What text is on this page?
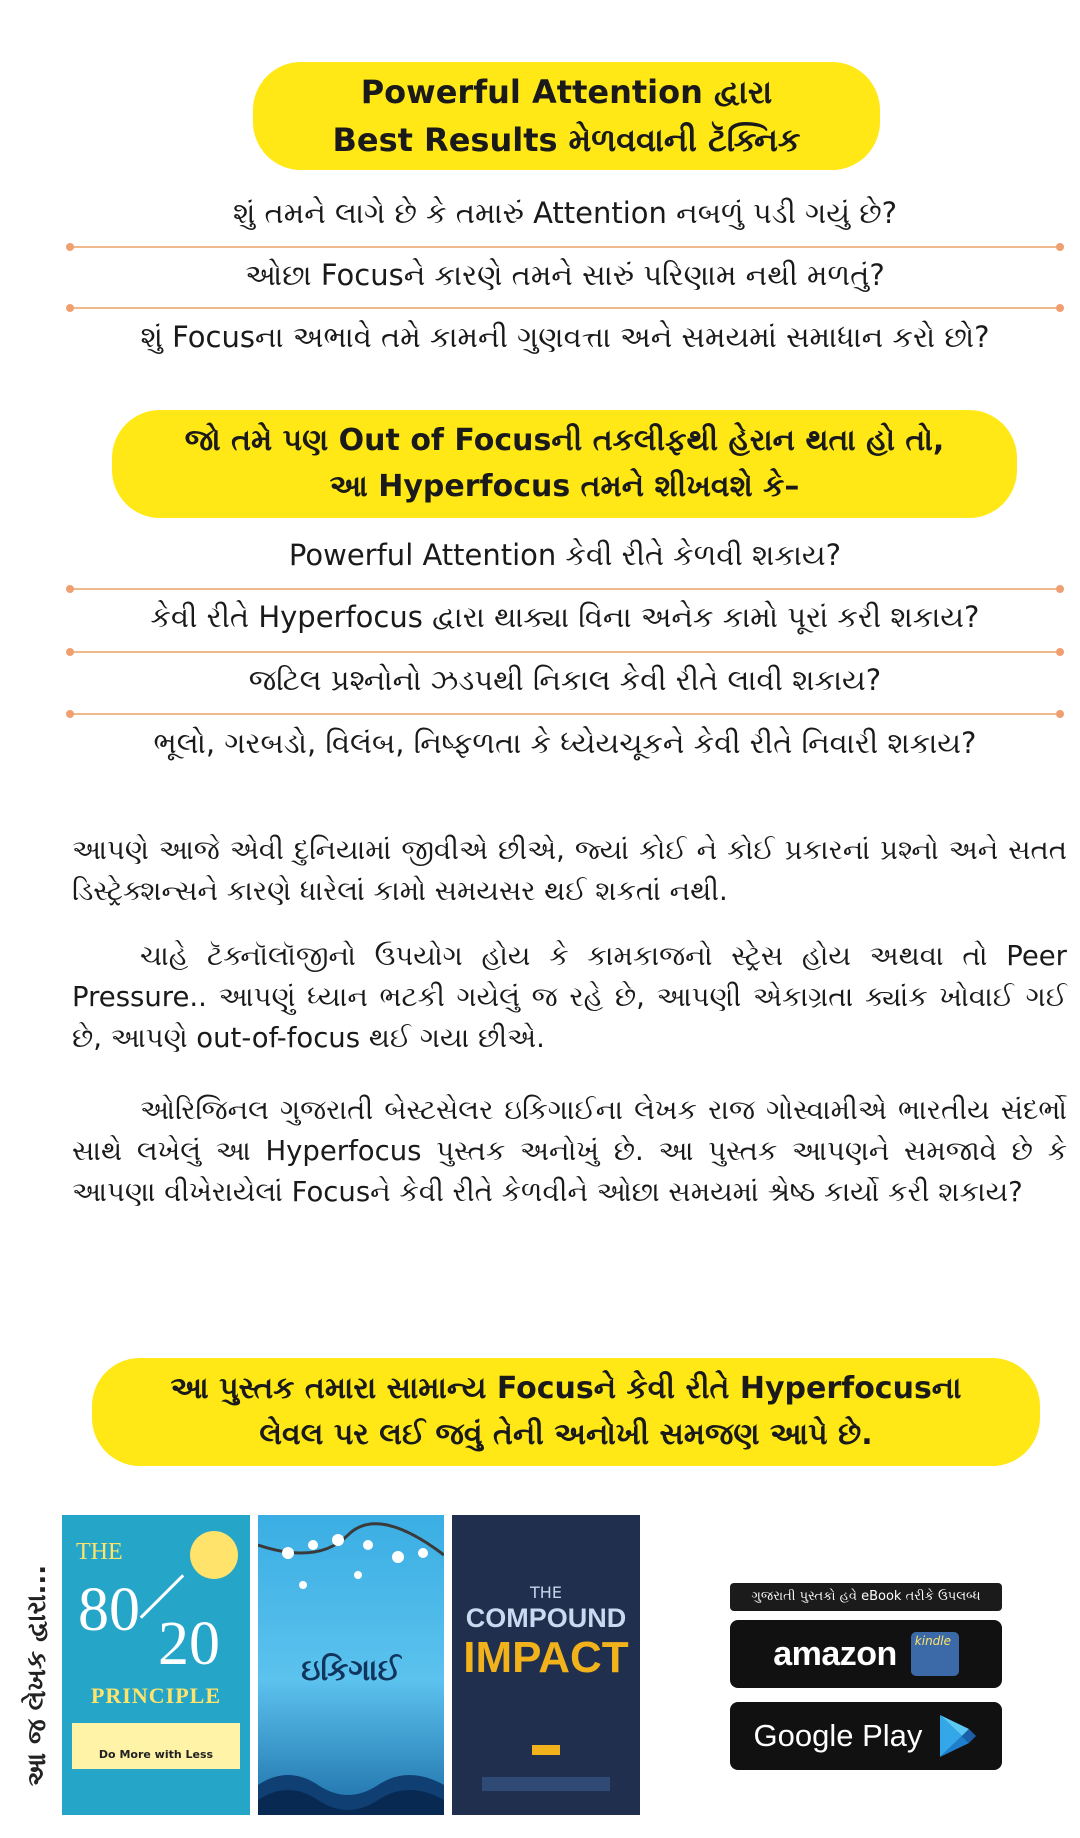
Powerful Attention દ્વારા
Best Results મેળવવાની ટૅક્નિક
શું તમને લાગે છે કે તમારું Attention નબળું પડી ગયું છે?
ઓછા Focusને કારણે તમને સારું પરિણામ નથી મળતું?
શું Focusના અભાવે તમે કામની ગુણવત્તા અને સમયમાં સમાધાન કરો છો?
જો તમે પણ Out of Focusની તકલીફથી હેરાન થતા હો તો,
આ Hyperfocus તમને શીખવશે કે–
Powerful Attention કેવી રીતે કેળવી શકાય?
કેવી રીતે Hyperfocus દ્વારા થાક્યા વિના અનેક કામો પૂરાં કરી શકાય?
જટિલ પ્રશ્નોનો ઝડપથી નિકાલ કેવી રીતે લાવી શકાય?
ભૂલો, ગરબડો, વિલંબ, નિષ્ફળતા કે ધ્યેયચૂકને કેવી રીતે નિવારી શકાય?
આપણે આજે એવી દુનિયામાં જીવીએ છીએ, જ્યાં કોઈ ને કોઈ પ્રકારનાં પ્રશ્નો અને સતત ડિસ્ટ્રેક્શન્સને કારણે ધારેલાં કામો સમયસર થઈ શકતાં નથી.
ચાહે ટૅક્નૉલૉજીનો ઉપયોગ હોય કે કામકાજનો સ્ટ્રેસ હોય અથવા તો Peer Pressure.. આપણું ધ્યાન ભટકી ગયેલું જ રહે છે, આપણી એકાગ્રતા ક્યાંક ખોવાઈ ગઈ છે, આપણે out-of-focus થઈ ગયા છીએ.
ઓરિજિનલ ગુજરાતી બેસ્ટસેલર ઇકિગાઈના લેખક રાજ ગોસ્વામીએ ભારતીય સંદર્ભો સાથે લખેલું આ Hyperfocus પુસ્તક અનોખું છે. આ પુસ્તક આપણને સમજાવે છે કે આપણા વીખેરાયેલાં Focusને કેવી રીતે કેળવીને ઓછા સમયમાં શ્રેષ્ઠ કાર્યો કરી શકાય?
આ પુસ્તક તમારા સામાન્ય Focusને કેવી રીતે Hyperfocusના
લેવલ પર લઈ જવું તેની અનોખી સમજણ આપે છે.
આ જ લેખક દ્વારા...
THE
80 20
PRINCIPLE
Do More with Less
ઇકિગાઈ
THE
COMPOUND
IMPACT
ગુજરાતી પુસ્તકો હવે eBook તરીકે ઉપલબ્ધ
amazon kindle
Google Play
